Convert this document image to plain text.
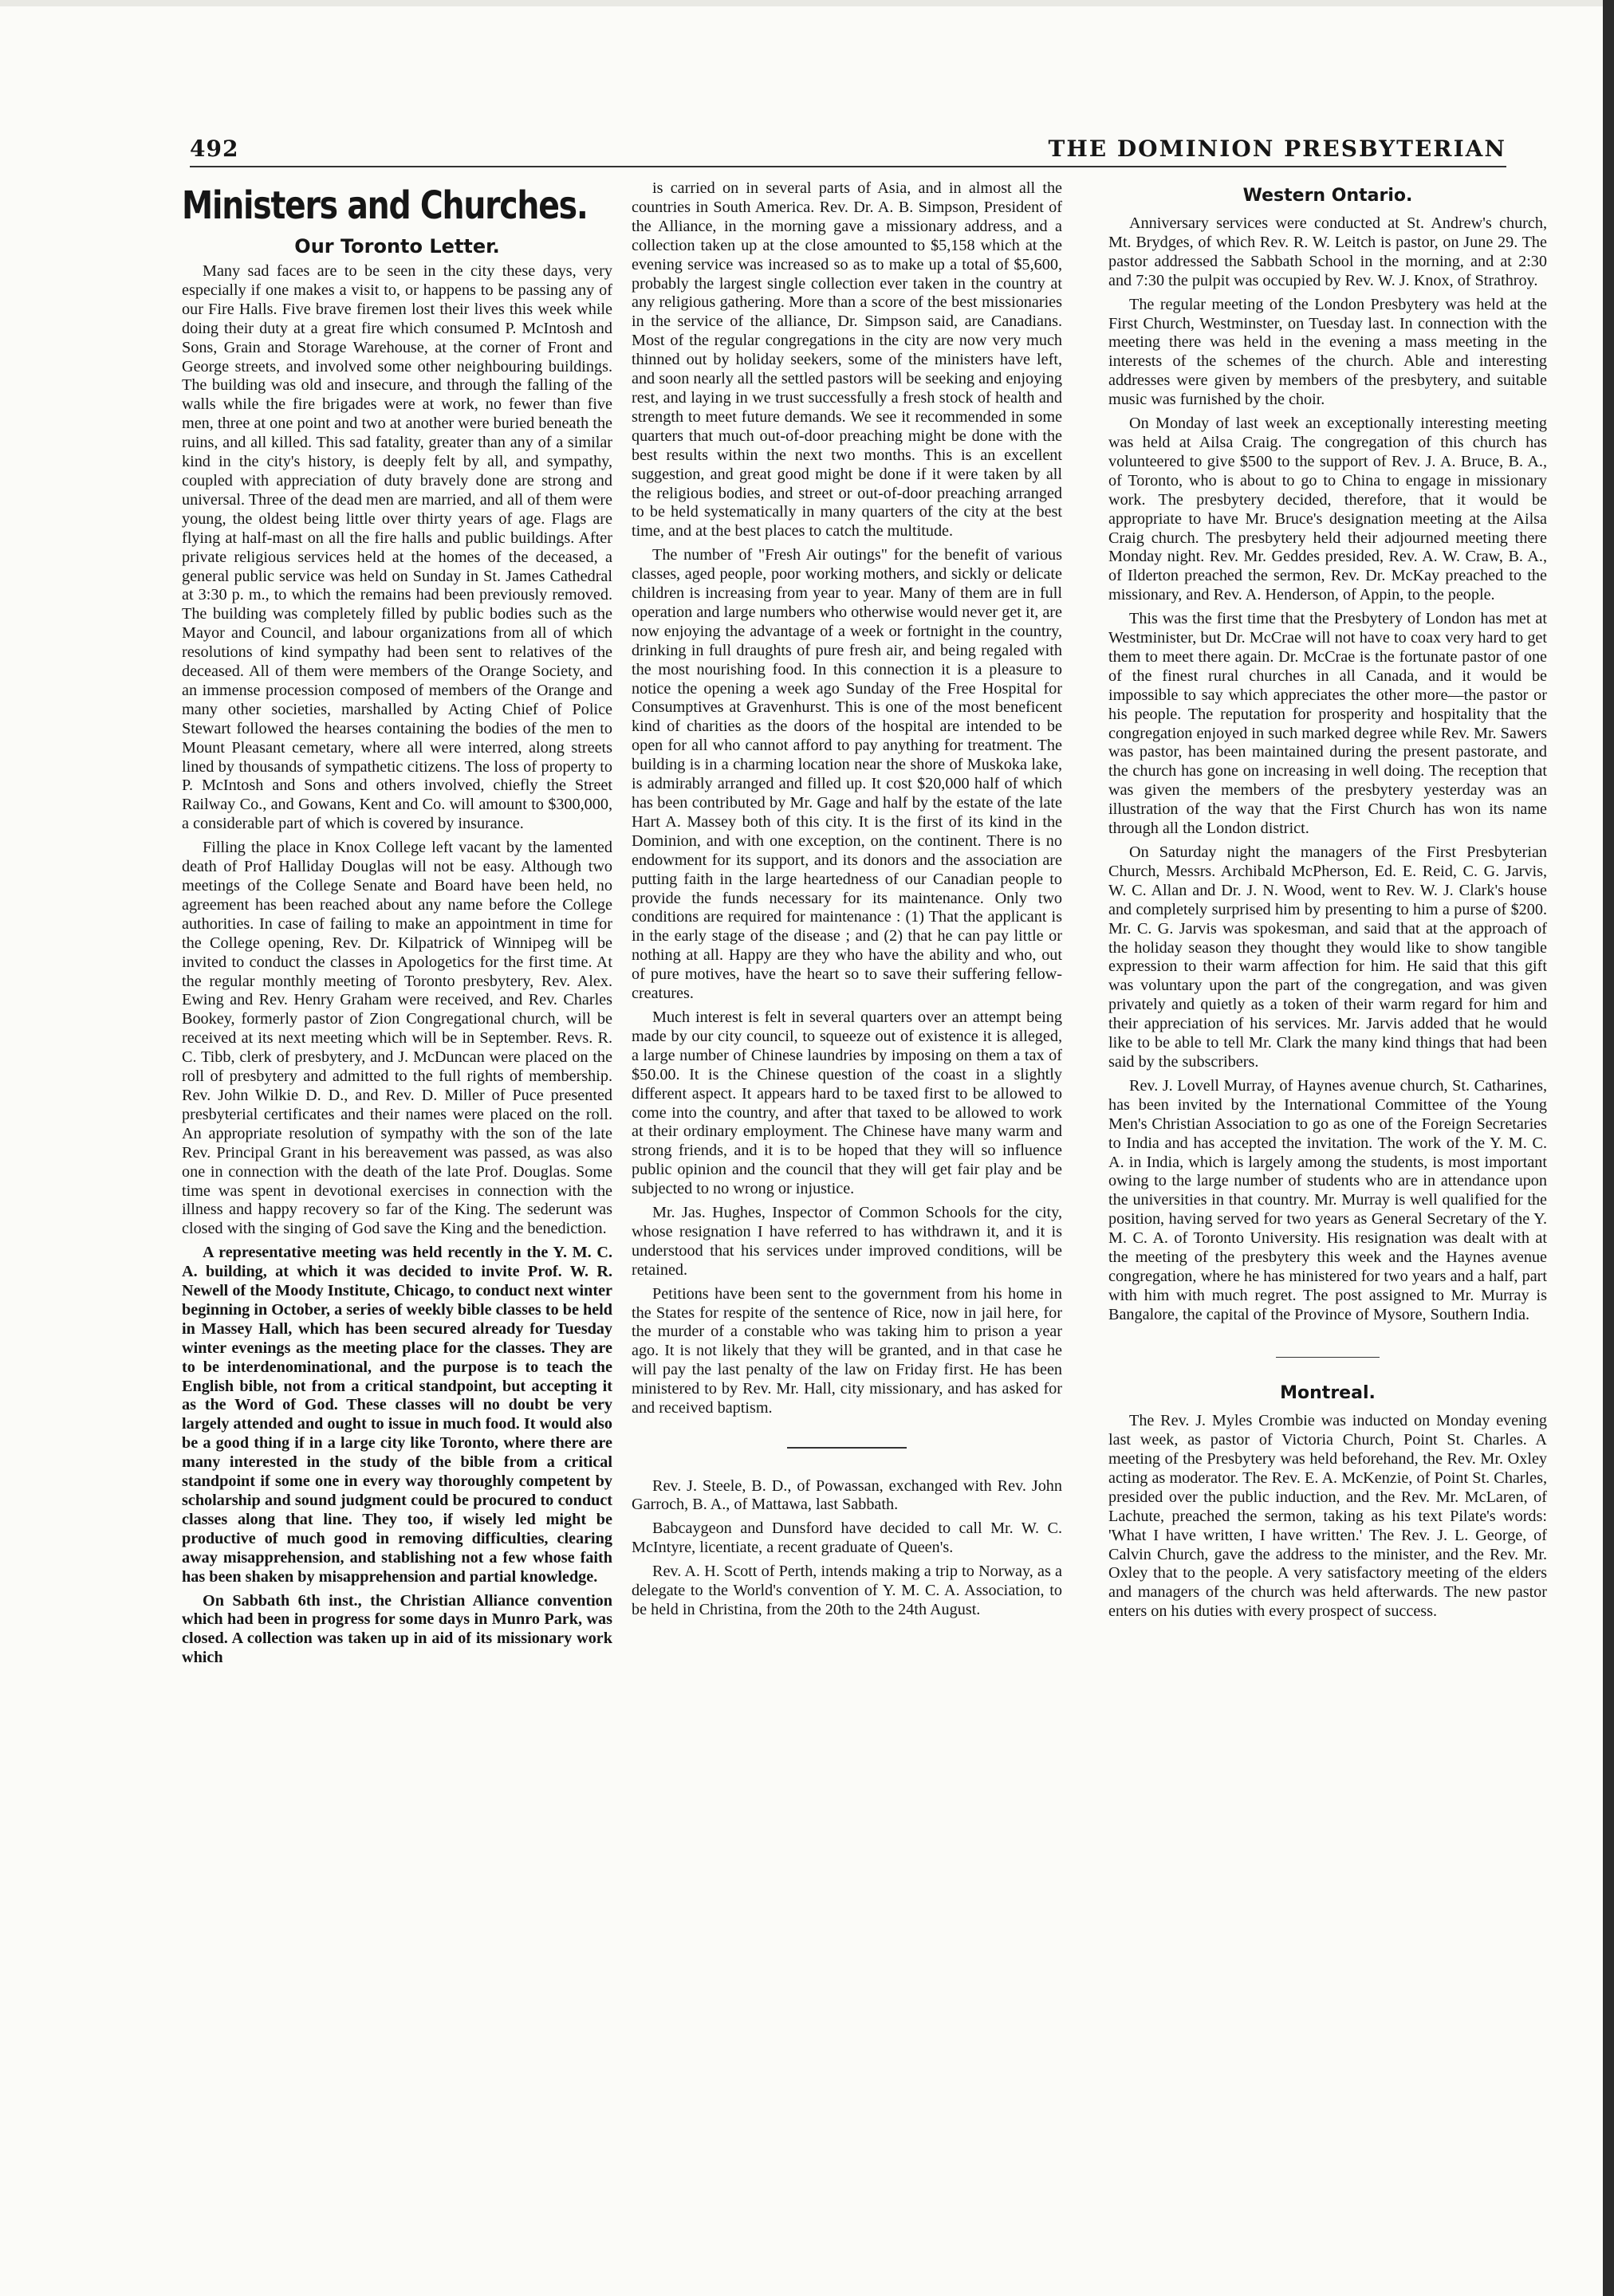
492	THE DOMINION PRESBYTERIAN
Ministers and Churches.
Our Toronto Letter.

Many sad faces are to be seen in the city these days, very especially if one makes a visit to, or happens to be passing any of our Fire Halls. Five brave firemen lost their lives this week while doing their duty at a great fire which consumed P. McIntosh and Sons, Grain and Storage Warehouse, at the corner of Front and George streets, and involved some other neighbouring buildings. The building was old and insecure, and through the falling of the walls while the fire brigades were at work, no fewer than five men, three at one point and two at another were buried beneath the ruins, and all killed. This sad fatality, greater than any of a similar kind in the city's history, is deeply felt by all, and sympathy, coupled with appreciation of duty bravely done are strong and universal. Three of the dead men are married, and all of them were young, the oldest being little over thirty years of age. Flags are flying at half-mast on all the fire halls and public buildings. After private religious services held at the homes of the deceased, a general public service was held on Sunday in St. James Cathedral at 3:30 p. m., to which the remains had been previously removed. The building was completely filled by public bodies such as the Mayor and Council, and labour organizations from all of which resolutions of kind sympathy had been sent to relatives of the deceased. All of them were members of the Orange Society, and an immense procession composed of members of the Orange and many other societies, marshalled by Acting Chief of Police Stewart followed the hearses containing the bodies of the men to Mount Pleasant cemetary, where all were interred, along streets lined by thousands of sympathetic citizens. The loss of property to P. McIntosh and Sons and others involved, chiefly the Street Railway Co., and Gowans, Kent and Co. will amount to $300,000, a considerable part of which is covered by insurance.

Filling the place in Knox College left vacant by the lamented death of Prof Halliday Douglas will not be easy. Although two meetings of the College Senate and Board have been held, no agreement has been reached about any name before the College authorities. In case of failing to make an appointment in time for the College opening, Rev. Dr. Kilpatrick of Winnipeg will be invited to conduct the classes in Apologetics for the first time. At the regular monthly meeting of Toronto presbytery, Rev. Alex. Ewing and Rev. Henry Graham were received, and Rev. Charles Bookey, formerly pastor of Zion Congregational church, will be received at its next meeting which will be in September. Revs. R. C. Tibb, clerk of presbytery, and J. McDuncan were placed on the roll of presbytery and admitted to the full rights of membership. Rev. John Wilkie D. D., and Rev. D. Miller of Puce presented presbyterial certificates and their names were placed on the roll. An appropriate resolution of sympathy with the son of the late Rev. Principal Grant in his bereavement was passed, as was also one in connection with the death of the late Prof. Douglas. Some time was spent in devotional exercises in connection with the illness and happy recovery so far of the King. The sederunt was closed with the singing of God save the King and the benediction.

A representative meeting was held recently in the Y. M. C. A. building, at which it was decided to invite Prof. W. R. Newell of the Moody Institute, Chicago, to conduct next winter beginning in October, a series of weekly bible classes to be held in Massey Hall, which has been secured already for Tuesday winter evenings as the meeting place for the classes. They are to be interdenominational, and the purpose is to teach the English bible, not from a critical standpoint, but accepting it as the Word of God. These classes will no doubt be very largely attended and ought to issue in much food. It would also be a good thing if in a large city like Toronto, where there are many interested in the study of the bible from a critical standpoint if some one in every way thoroughly competent by scholarship and sound judgment could be procured to conduct classes along that line. They too, if wisely led might be productive of much good in removing difficulties, clearing away misapprehension, and stablishing not a few whose faith has been shaken by misapprehension and partial knowledge.

On Sabbath 6th inst., the Christian Alliance convention which had been in progress for some days in Munro Park, was closed. A collection was taken up in aid of its missionary work which

is carried on in several parts of Asia, and in almost all the countries in South America. Rev. Dr. A. B. Simpson, President of the Alliance, in the morning gave a missionary address, and a collection taken up at the close amounted to $5,158 which at the evening service was increased so as to make up a total of $5,600, probably the largest single collection ever taken in the country at any religious gathering. More than a score of the best missionaries in the service of the alliance, Dr. Simpson said, are Canadians. Most of the regular congregations in the city are now very much thinned out by holiday seekers, some of the ministers have left, and soon nearly all the settled pastors will be seeking and enjoying rest, and laying in we trust successfully a fresh stock of health and strength to meet future demands. We see it recommended in some quarters that much out-of-door preaching might be done with the best results within the next two months. This is an excellent suggestion, and great good might be done if it were taken by all the religious bodies, and street or out-of-door preaching arranged to be held systematically in many quarters of the city at the best time, and at the best places to catch the multitude.

The number of "Fresh Air outings" for the benefit of various classes, aged people, poor working mothers, and sickly or delicate children is increasing from year to year. Many of them are in full operation and large numbers who otherwise would never get it, are now enjoying the advantage of a week or fortnight in the country, drinking in full draughts of pure fresh air, and being regaled with the most nourishing food. In this connection it is a pleasure to notice the opening a week ago Sunday of the Free Hospital for Consumptives at Gravenhurst. This is one of the most beneficent kind of charities as the doors of the hospital are intended to be open for all who cannot afford to pay anything for treatment. The building is in a charming location near the shore of Muskoka lake, is admirably arranged and filled up. It cost $20,000 half of which has been contributed by Mr. Gage and half by the estate of the late Hart A. Massey both of this city. It is the first of its kind in the Dominion, and with one exception, on the continent. There is no endowment for its support, and its donors and the association are putting faith in the large heartedness of our Canadian people to provide the funds necessary for its maintenance. Only two conditions are required for maintenance : (1) That the applicant is in the early stage of the disease ; and (2) that he can pay little or nothing at all. Happy are they who have the ability and who, out of pure motives, have the heart so to save their suffering fellow-creatures.

Much interest is felt in several quarters over an attempt being made by our city council, to squeeze out of existence it is alleged, a large number of Chinese laundries by imposing on them a tax of $50.00. It is the Chinese question of the coast in a slightly different aspect. It appears hard to be taxed first to be allowed to come into the country, and after that taxed to be allowed to work at their ordinary employment. The Chinese have many warm and strong friends, and it is to be hoped that they will so influence public opinion and the council that they will get fair play and be subjected to no wrong or injustice.

Mr. Jas. Hughes, Inspector of Common Schools for the city, whose resignation I have referred to has withdrawn it, and it is understood that his services under improved conditions, will be retained.

Petitions have been sent to the government from his home in the States for respite of the sentence of Rice, now in jail here, for the murder of a constable who was taking him to prison a year ago. It is not likely that they will be granted, and in that case he will pay the last penalty of the law on Friday first. He has been ministered to by Rev. Mr. Hall, city missionary, and has asked for and received baptism.

Rev. J. Steele, B. D., of Powassan, exchanged with Rev. John Garroch, B. A., of Mattawa, last Sabbath.

Babcaygeon and Dunsford have decided to call Mr. W. C. McIntyre, licentiate, a recent graduate of Queen's.

Rev. A. H. Scott of Perth, intends making a trip to Norway, as a delegate to the World's convention of Y. M. C. A. Association, to be held in Christina, from the 20th to the 24th August.

Western Ontario.

Anniversary services were conducted at St. Andrew's church, Mt. Brydges, of which Rev. R. W. Leitch is pastor, on June 29. The pastor addressed the Sabbath School in the morning, and at 2:30 and 7:30 the pulpit was occupied by Rev. W. J. Knox, of Strathroy.

The regular meeting of the London Presbytery was held at the First Church, Westminster, on Tuesday last. In connection with the meeting there was held in the evening a mass meeting in the interests of the schemes of the church. Able and interesting addresses were given by members of the presbytery, and suitable music was furnished by the choir.

On Monday of last week an exceptionally interesting meeting was held at Ailsa Craig. The congregation of this church has volunteered to give $500 to the support of Rev. J. A. Bruce, B. A., of Toronto, who is about to go to China to engage in missionary work. The presbytery decided, therefore, that it would be appropriate to have Mr. Bruce's designation meeting at the Ailsa Craig church. The presbytery held their adjourned meeting there Monday night. Rev. Mr. Geddes presided, Rev. A. W. Craw, B. A., of Ilderton preached the sermon, Rev. Dr. McKay preached to the missionary, and Rev. A. Henderson, of Appin, to the people.

This was the first time that the Presbytery of London has met at Westminister, but Dr. McCrae will not have to coax very hard to get them to meet there again. Dr. McCrae is the fortunate pastor of one of the finest rural churches in all Canada, and it would be impossible to say which appreciates the other more—the pastor or his people. The reputation for prosperity and hospitality that the congregation enjoyed in such marked degree while Rev. Mr. Sawers was pastor, has been maintained during the present pastorate, and the church has gone on increasing in well doing. The reception that was given the members of the presbytery yesterday was an illustration of the way that the First Church has won its name through all the London district.

On Saturday night the managers of the First Presbyterian Church, Messrs. Archibald McPherson, Ed. E. Reid, C. G. Jarvis, W. C. Allan and Dr. J. N. Wood, went to Rev. W. J. Clark's house and completely surprised him by presenting to him a purse of $200. Mr. C. G. Jarvis was spokesman, and said that at the approach of the holiday season they thought they would like to show tangible expression to their warm affection for him. He said that this gift was voluntary upon the part of the congregation, and was given privately and quietly as a token of their warm regard for him and their appreciation of his services. Mr. Jarvis added that he would like to be able to tell Mr. Clark the many kind things that had been said by the subscribers.

Rev. J. Lovell Murray, of Haynes avenue church, St. Catharines, has been invited by the International Committee of the Young Men's Christian Association to go as one of the Foreign Secretaries to India and has accepted the invitation. The work of the Y. M. C. A. in India, which is largely among the students, is most important owing to the large number of students who are in attendance upon the universities in that country. Mr. Murray is well qualified for the position, having served for two years as General Secretary of the Y. M. C. A. of Toronto University. His resignation was dealt with at the meeting of the presbytery this week and the Haynes avenue congregation, where he has ministered for two years and a half, part with him with much regret. The post assigned to Mr. Murray is Bangalore, the capital of the Province of Mysore, Southern India.

Montreal.

The Rev. J. Myles Crombie was inducted on Monday evening last week, as pastor of Victoria Church, Point St. Charles. A meeting of the Presbytery was held beforehand, the Rev. Mr. Oxley acting as moderator. The Rev. E. A. McKenzie, of Point St. Charles, presided over the public induction, and the Rev. Mr. McLaren, of Lachute, preached the sermon, taking as his text Pilate's words: 'What I have written, I have written.' The Rev. J. L. George, of Calvin Church, gave the address to the minister, and the Rev. Mr. Oxley that to the people. A very satisfactory meeting of the elders and managers of the church was held afterwards. The new pastor enters on his duties with every prospect of success.
